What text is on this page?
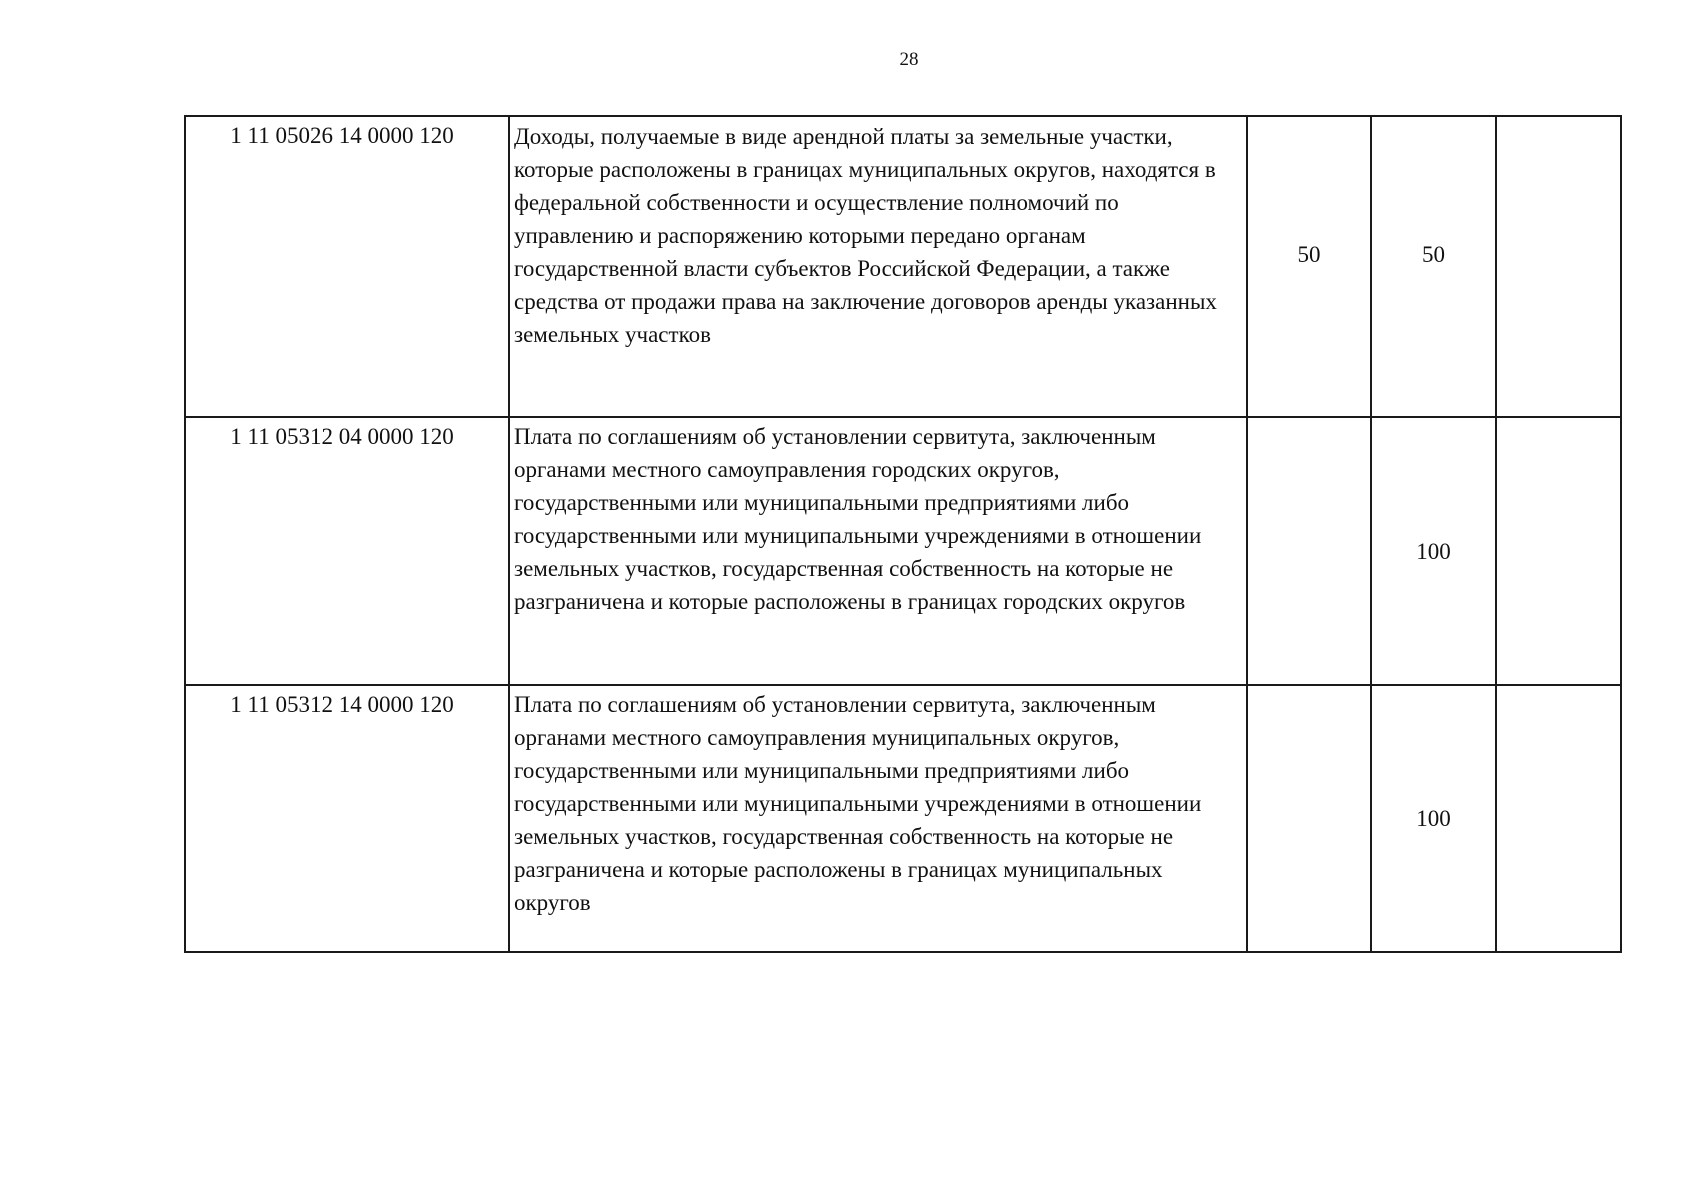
28
1 11 05026 14 0000 120	Доходы, получаемые в виде арендной платы за земельные участки, которые расположены в границах муниципальных округов, находятся в федеральной собственности и осуществление полномочий по управлению и распоряжению которыми передано органам государственной власти субъектов Российской Федерации, а также средства от продажи права на заключение договоров аренды указанных земельных участков	50	50	
1 11 05312 04 0000 120	Плата по соглашениям об установлении сервитута, заключенным органами местного самоуправления городских округов, государственными или муниципальными предприятиями либо государственными или муниципальными учреждениями в отношении земельных участков, государственная собственность на которые не разграничена и которые расположены в границах городских округов		100	
1 11 05312 14 0000 120	Плата по соглашениям об установлении сервитута, заключенным органами местного самоуправления муниципальных округов, государственными или муниципальными предприятиями либо государственными или муниципальными учреждениями в отношении земельных участков, государственная собственность на которые не разграничена и которые расположены в границах муниципальных округов		100	
